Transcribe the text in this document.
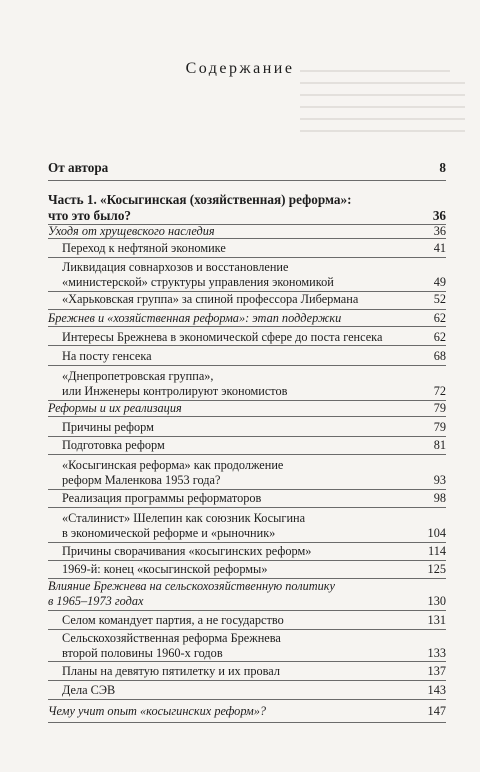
Содержание
От автора	8
Часть 1. «Косыгинская (хозяйственная) реформа»:
что это было?	36
Уходя от хрущевского наследия	36
Переход к нефтяной экономике	41
Ликвидация совнархозов и восстановление
«министерской» структуры управления экономикой	49
«Харьковская группа» за спиной профессора Либермана	52
Брежнев и «хозяйственная реформа»: этап поддержки	62
Интересы Брежнева в экономической сфере до поста генсека	62
На посту генсека	68
«Днепропетровская группа»,
или Инженеры контролируют экономистов	72
Реформы и их реализация	79
Причины реформ	79
Подготовка реформ	81
«Косыгинская реформа» как продолжение
реформ Маленкова 1953 года?	93
Реализация программы реформаторов	98
«Сталинист» Шелепин как союзник Косыгина
в экономической реформе и «рыночник»	104
Причины сворачивания «косыгинских реформ»	114
1969-й: конец «косыгинской реформы»	125
Влияние Брежнева на сельскохозяйственную политику
в 1965–1973 годах	130
Селом командует партия, а не государство	131
Сельскохозяйственная реформа Брежнева
второй половины 1960-х годов	133
Планы на девятую пятилетку и их провал	137
Дела СЭВ	143
Чему учит опыт «косыгинских реформ»?	147
